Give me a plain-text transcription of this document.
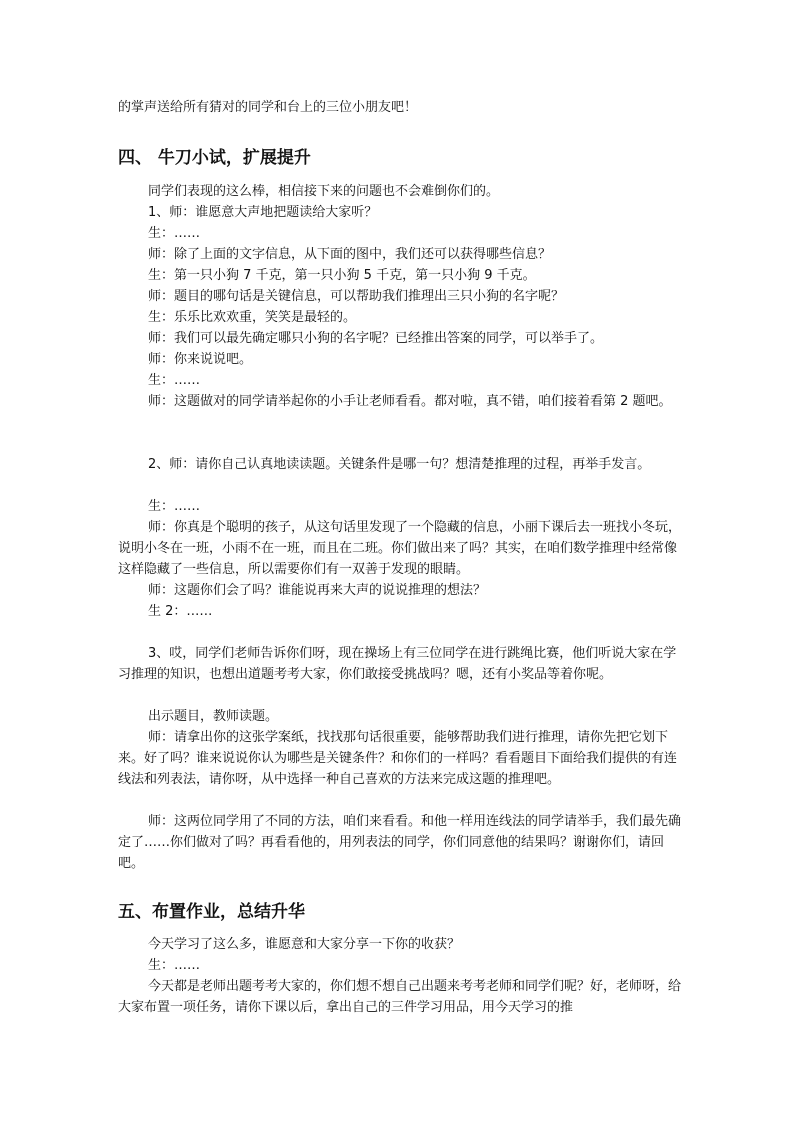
的掌声送给所有猜对的同学和台上的三位小朋友吧！

四、 牛刀小试，扩展提升

同学们表现的这么棒，相信接下来的问题也不会难倒你们的。

1、师：谁愿意大声地把题读给大家听？

生：……

师：除了上面的文字信息，从下面的图中，我们还可以获得哪些信息？

生：第一只小狗 7 千克，第一只小狗 5 千克，第一只小狗 9 千克。

师：题目的哪句话是关键信息，可以帮助我们推理出三只小狗的名字呢？

生：乐乐比欢欢重，笑笑是最轻的。

师：我们可以最先确定哪只小狗的名字呢？已经推出答案的同学，可以举手了。

师：你来说说吧。

生：……

师：这题做对的同学请举起你的小手让老师看看。都对啦，真不错，咱们接着看第 2 题吧。

2、师：请你自己认真地读读题。关键条件是哪一句？想清楚推理的过程，再举手发言。

生：……

师：你真是个聪明的孩子，从这句话里发现了一个隐藏的信息，小丽下课后去一班找小冬玩，说明小冬在一班，小雨不在一班，而且在二班。你们做出来了吗？其实，在咱们数学推理中经常像这样隐藏了一些信息，所以需要你们有一双善于发现的眼睛。

师：这题你们会了吗？谁能说再来大声的说说推理的想法？

生 2：……

3、哎，同学们老师告诉你们呀，现在操场上有三位同学在进行跳绳比赛，他们听说大家在学习推理的知识，也想出道题考考大家，你们敢接受挑战吗？嗯，还有小奖品等着你呢。

出示题目，教师读题。

师：请拿出你的这张学案纸，找找那句话很重要，能够帮助我们进行推理，请你先把它划下来。好了吗？谁来说说你认为哪些是关键条件？和你们的一样吗？看看题目下面给我们提供的有连线法和列表法，请你呀，从中选择一种自己喜欢的方法来完成这题的推理吧。

师：这两位同学用了不同的方法，咱们来看看。和他一样用连线法的同学请举手，我们最先确定了……你们做对了吗？再看看他的，用列表法的同学，你们同意他的结果吗？谢谢你们，请回吧。

五、布置作业，总结升华

今天学习了这么多，谁愿意和大家分享一下你的收获？

生：……

今天都是老师出题考考大家的，你们想不想自己出题来考考老师和同学们呢？好，老师呀，给大家布置一项任务，请你下课以后，拿出自己的三件学习用品，用今天学习的推
